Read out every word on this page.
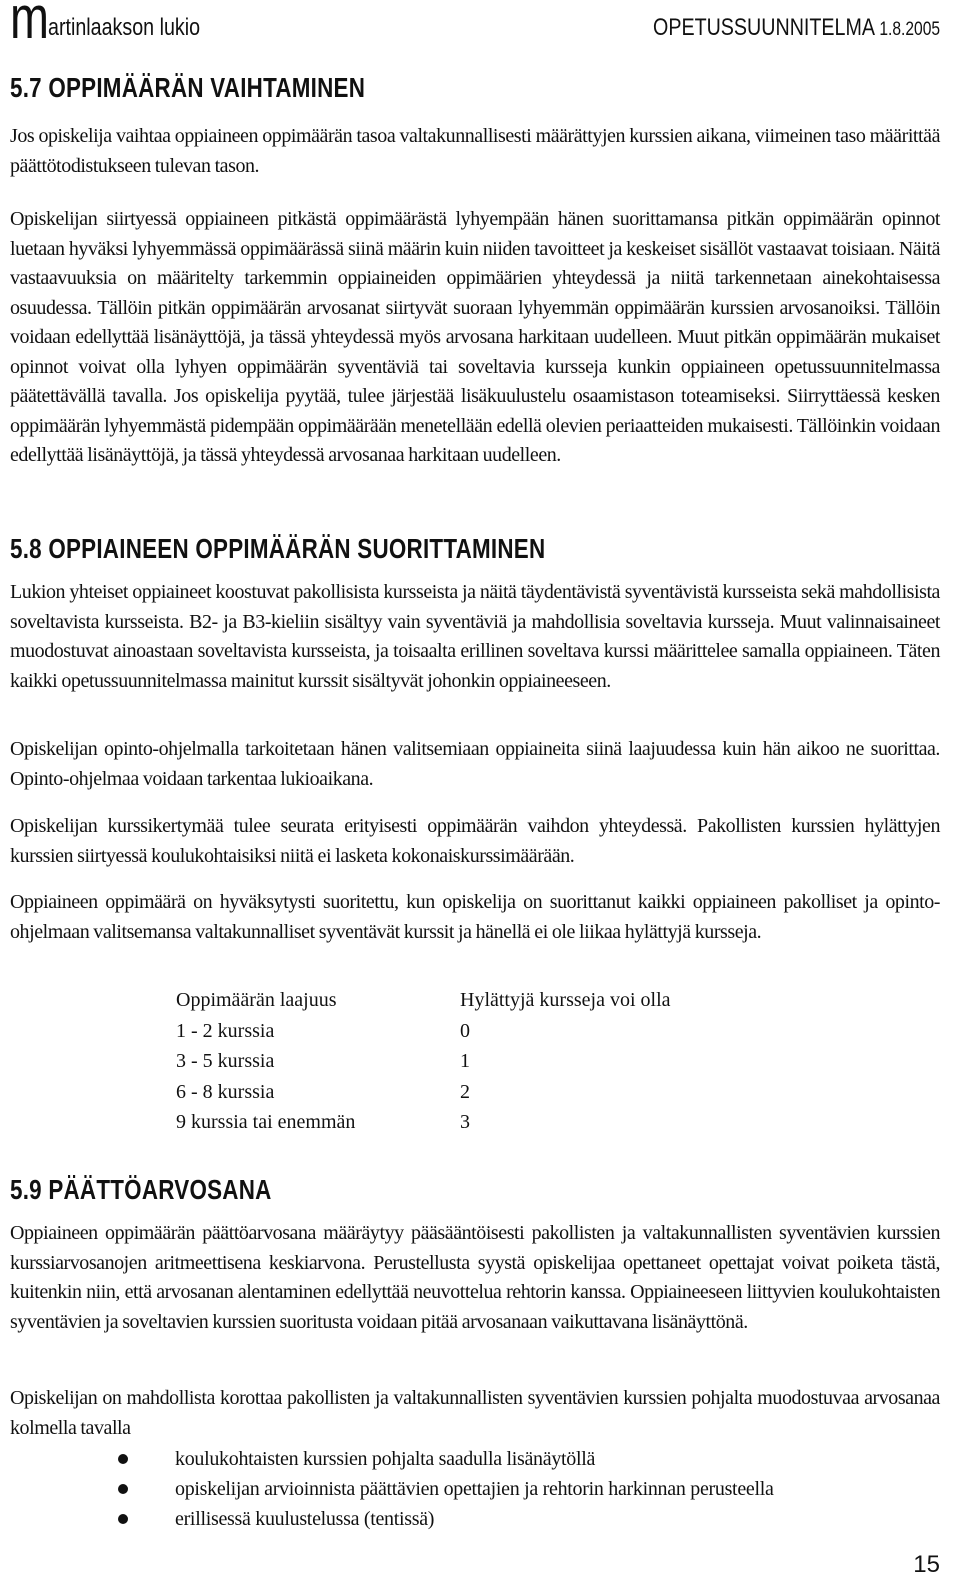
m artinlaakson lukio	OPETUSSUUNNITELMA 1.8.2005
5.7 OPPIMÄÄRÄN VAIHTAMINEN

Jos opiskelija vaihtaa oppiaineen oppimäärän tasoa valtakunnallisesti määrättyjen kurssien aikana, viimeinen taso määrittää päättötodistukseen tulevan tason.

Opiskelijan siirtyessä oppiaineen pitkästä oppimäärästä lyhyempään hänen suorittamansa pitkän oppimäärän opinnot luetaan hyväksi lyhyemmässä oppimäärässä siinä määrin kuin niiden tavoitteet ja keskeiset sisällöt vastaavat toisiaan. Näitä vastaavuuksia on määritelty tarkemmin oppiaineiden oppimäärien yhteydessä ja niitä tarkennetaan ainekohtaisessa osuudessa. Tällöin pitkän oppimäärän arvosanat siirtyvät suoraan lyhyemmän oppimäärän kurssien arvosanoiksi. Tällöin voidaan edellyttää lisänäyttöjä, ja tässä yhteydessä myös arvosana harkitaan uudelleen. Muut pitkän oppimäärän mukaiset opinnot voivat olla lyhyen oppimäärän syventäviä tai soveltavia kursseja kunkin oppiaineen opetussuunnitelmassa päätettävällä tavalla. Jos opiskelija pyytää, tulee järjestää lisäkuulustelu osaamistason toteamiseksi. Siirryttäessä kesken oppimäärän lyhyemmästä pidempään oppimäärään menetellään edellä olevien periaatteiden mukaisesti. Tällöinkin voidaan edellyttää lisänäyttöjä, ja tässä yhteydessä arvosanaa harkitaan uudelleen.

5.8 OPPIAINEEN OPPIMÄÄRÄN SUORITTAMINEN

Lukion yhteiset oppiaineet koostuvat pakollisista kursseista ja näitä täydentävistä syventävistä kursseista sekä mahdollisista soveltavista kursseista. B2- ja B3-kieliin sisältyy vain syventäviä ja mahdollisia soveltavia kursseja. Muut valinnaisaineet muodostuvat ainoastaan soveltavista kursseista, ja toisaalta erillinen soveltava kurssi määrittelee samalla oppiaineen. Täten kaikki opetussuunnitelmassa mainitut kurssit sisältyvät johonkin oppiaineeseen.

Opiskelijan opinto-ohjelmalla tarkoitetaan hänen valitsemiaan oppiaineita siinä laajuudessa kuin hän aikoo ne suorittaa. Opinto-ohjelmaa voidaan tarkentaa lukioaikana.

Opiskelijan kurssikertymää tulee seurata erityisesti oppimäärän vaihdon yhteydessä. Pakollisten kurssien hylättyjen kurssien siirtyessä koulukohtaisiksi niitä ei lasketa kokonaiskurssimäärään.

Oppiaineen oppimäärä on hyväksytysti suoritettu, kun opiskelija on suorittanut kaikki oppiaineen pakolliset ja opinto-ohjelmaan valitsemansa valtakunnalliset syventävät kurssit ja hänellä ei ole liikaa hylättyjä kursseja.

Oppimäärän laajuus	Hylättyjä kursseja voi olla
1 - 2 kurssia	0
3 - 5 kurssia	1
6 - 8 kurssia	2
9 kurssia tai enemmän	3
5.9 PÄÄTTÖARVOSANA

Oppiaineen oppimäärän päättöarvosana määräytyy pääsääntöisesti pakollisten ja valtakunnallisten syventävien kurssien kurssiarvosanojen aritmeettisena keskiarvona. Perustellusta syystä opiskelijaa opettaneet opettajat voivat poiketa tästä, kuitenkin niin, että arvosanan alentaminen edellyttää neuvottelua rehtorin kanssa. Oppiaineeseen liittyvien koulukohtaisten syventävien ja soveltavien kurssien suoritusta voidaan pitää arvosanaan vaikuttavana lisänäyttönä.

Opiskelijan on mahdollista korottaa pakollisten ja valtakunnallisten syventävien kurssien pohjalta muodostuvaa arvosanaa kolmella tavalla

koulukohtaisten kurssien pohjalta saadulla lisänäytöllä
opiskelijan arvioinnista päättävien opettajien ja rehtorin harkinnan perusteella
erillisessä kuulustelussa (tentissä)
15
